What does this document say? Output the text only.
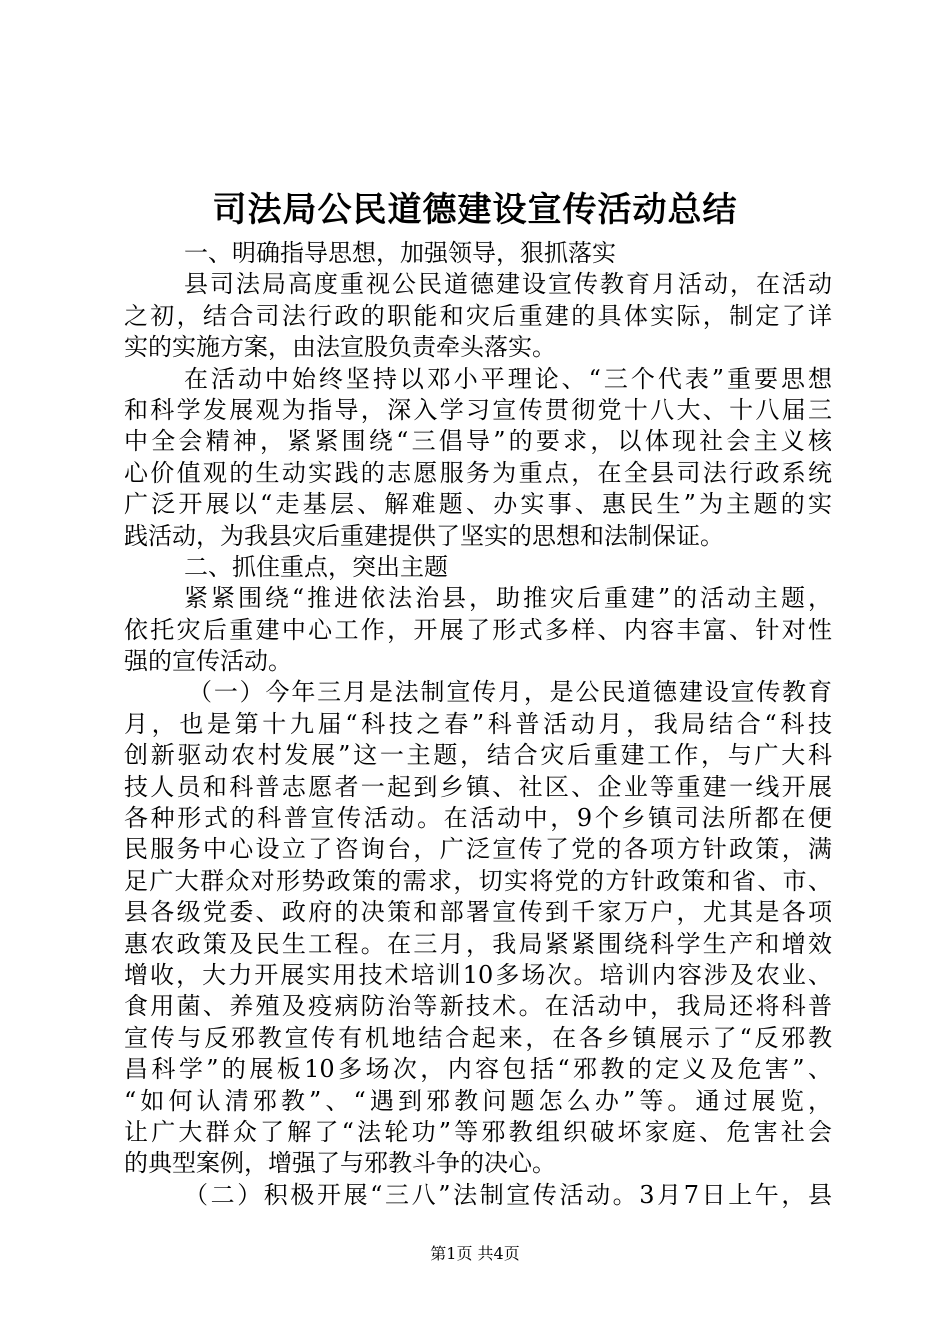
司法局公民道德建设宣传活动总结
一、明确指导思想，加强领导，狠抓落实
县司法局高度重视公民道德建设宣传教育月活动，在活动
之初，结合司法行政的职能和灾后重建的具体实际，制定了详
实的实施方案，由法宣股负责牵头落实。
在活动中始终坚持以邓小平理论、“三个代表”重要思想
和科学发展观为指导，深入学习宣传贯彻党十八大、十八届三
中全会精神，紧紧围绕“三倡导”的要求，以体现社会主义核
心价值观的生动实践的志愿服务为重点，在全县司法行政系统
广泛开展以“走基层、解难题、办实事、惠民生”为主题的实
践活动，为我县灾后重建提供了坚实的思想和法制保证。
二、抓住重点，突出主题
紧紧围绕“推进依法治县，助推灾后重建”的活动主题，
依托灾后重建中心工作，开展了形式多样、内容丰富、针对性
强的宣传活动。
（一）今年三月是法制宣传月，是公民道德建设宣传教育
月，也是第十九届“科技之春”科普活动月，我局结合“科技
创新驱动农村发展”这一主题，结合灾后重建工作，与广大科
技人员和科普志愿者一起到乡镇、社区、企业等重建一线开展
各种形式的科普宣传活动。在活动中，9个乡镇司法所都在便
民服务中心设立了咨询台，广泛宣传了党的各项方针政策，满
足广大群众对形势政策的需求，切实将党的方针政策和省、市、
县各级党委、政府的决策和部署宣传到千家万户，尤其是各项
惠农政策及民生工程。在三月，我局紧紧围绕科学生产和增效
增收，大力开展实用技术培训10多场次。培训内容涉及农业、
食用菌、养殖及疫病防治等新技术。在活动中，我局还将科普
宣传与反邪教宣传有机地结合起来，在各乡镇展示了“反邪教
昌科学”的展板10多场次，内容包括“邪教的定义及危害”、
“如何认清邪教”、“遇到邪教问题怎么办”等。通过展览，
让广大群众了解了“法轮功”等邪教组织破坏家庭、危害社会
的典型案例，增强了与邪教斗争的决心。
（二）积极开展“三八”法制宣传活动。3月7日上午，县
第1页 共4页
